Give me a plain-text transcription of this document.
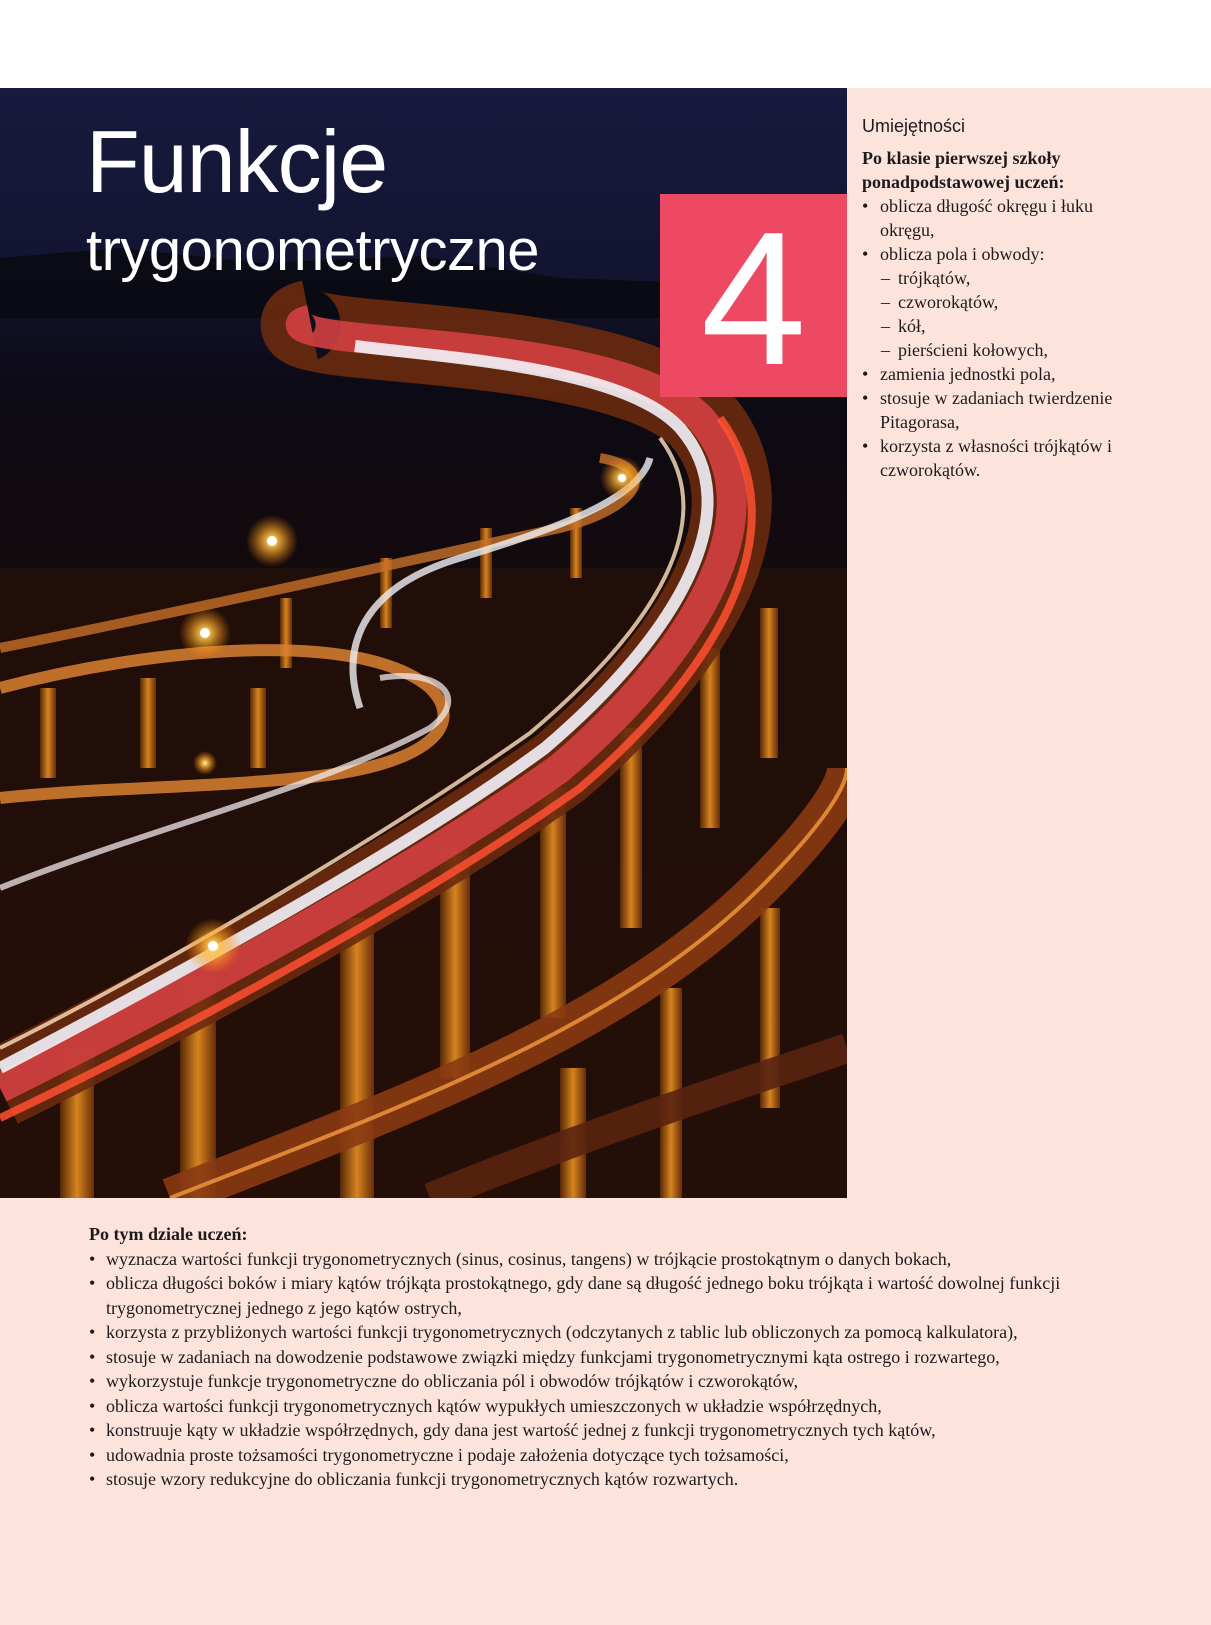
4
Funkcje
trygonometryczne
Umiejętności
Po klasie pierwszej szkoły ponadpodstawowej uczeń:
• oblicza długość okręgu i łuku okręgu,
• oblicza pola i obwody:
– trójkątów,
– czworokątów,
– kół,
– pierścieni kołowych,
• zamienia jednostki pola,
• stosuje w zadaniach twierdzenie Pitagorasa,
• korzysta z własności trójkątów i czworokątów.
Po tym dziale uczeń:
• wyznacza wartości funkcji trygonometrycznych (sinus, cosinus, tangens) w trójkącie prostokątnym o danych bokach,
• oblicza długości boków i miary kątów trójkąta prostokątnego, gdy dane są długość jednego boku trójkąta i wartość dowolnej funkcji trygonometrycznej jednego z jego kątów ostrych,
• korzysta z przybliżonych wartości funkcji trygonometrycznych (odczytanych z tablic lub obliczonych za pomocą kalkulatora),
• stosuje w zadaniach na dowodzenie podstawowe związki między funkcjami trygonometrycznymi kąta ostrego i rozwartego,
• wykorzystuje funkcje trygonometryczne do obliczania pól i obwodów trójkątów i czworokątów,
• oblicza wartości funkcji trygonometrycznych kątów wypukłych umieszczonych w układzie współrzędnych,
• konstruuje kąty w układzie współrzędnych, gdy dana jest wartość jednej z funkcji trygonometrycznych tych kątów,
• udowadnia proste tożsamości trygonometryczne i podaje założenia dotyczące tych tożsamości,
• stosuje wzory redukcyjne do obliczania funkcji trygonometrycznych kątów rozwartych.
